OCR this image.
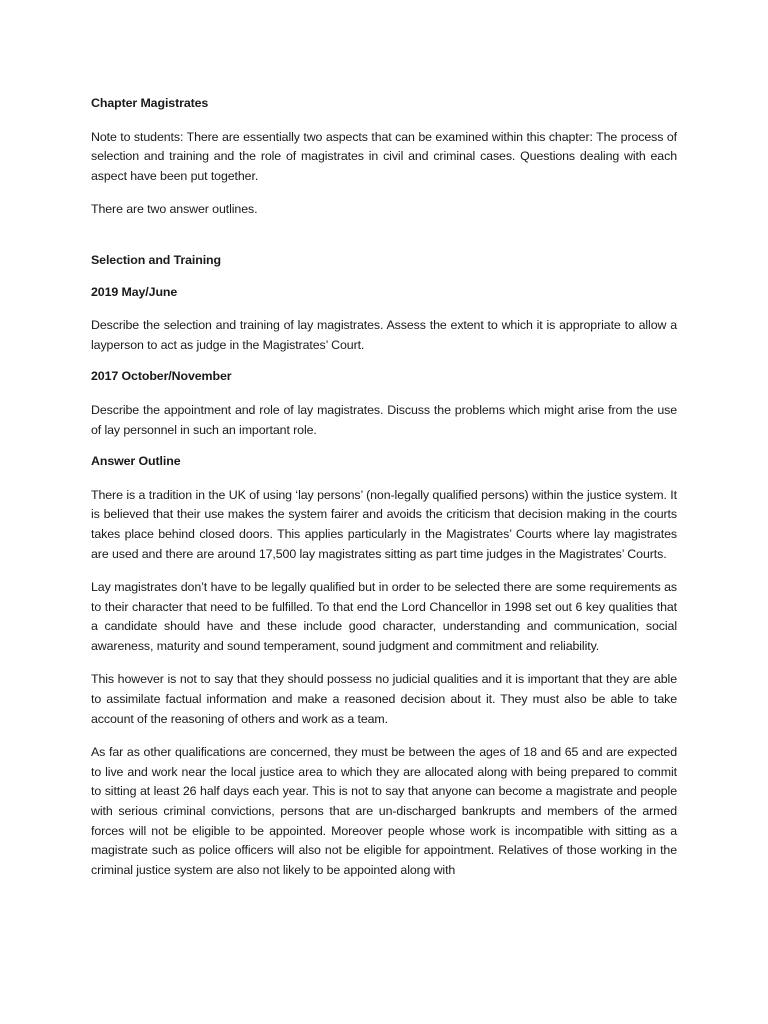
Chapter Magistrates

Note to students: There are essentially two aspects that can be examined within this chapter: The process of selection and training and the role of magistrates in civil and criminal cases. Questions dealing with each aspect have been put together.

There are two answer outlines.

Selection and Training

2019 May/June

Describe the selection and training of lay magistrates. Assess the extent to which it is appropriate to allow a layperson to act as judge in the Magistrates’ Court.

2017 October/November

Describe the appointment and role of lay magistrates. Discuss the problems which might arise from the use of lay personnel in such an important role.

Answer Outline

There is a tradition in the UK of using ‘lay persons’ (non-legally qualified persons) within the justice system. It is believed that their use makes the system fairer and avoids the criticism that decision making in the courts takes place behind closed doors. This applies particularly in the Magistrates’ Courts where lay magistrates are used and there are around 17,500 lay magistrates sitting as part time judges in the Magistrates’ Courts.

Lay magistrates don’t have to be legally qualified but in order to be selected there are some requirements as to their character that need to be fulfilled. To that end the Lord Chancellor in 1998 set out 6 key qualities that a candidate should have and these include good character, understanding and communication, social awareness, maturity and sound temperament, sound judgment and commitment and reliability.

This however is not to say that they should possess no judicial qualities and it is important that they are able to assimilate factual information and make a reasoned decision about it. They must also be able to take account of the reasoning of others and work as a team.

As far as other qualifications are concerned, they must be between the ages of 18 and 65 and are expected to live and work near the local justice area to which they are allocated along with being prepared to commit to sitting at least 26 half days each year. This is not to say that anyone can become a magistrate and people with serious criminal convictions, persons that are un-discharged bankrupts and members of the armed forces will not be eligible to be appointed. Moreover people whose work is incompatible with sitting as a magistrate such as police officers will also not be eligible for appointment. Relatives of those working in the criminal justice system are also not likely to be appointed along with
